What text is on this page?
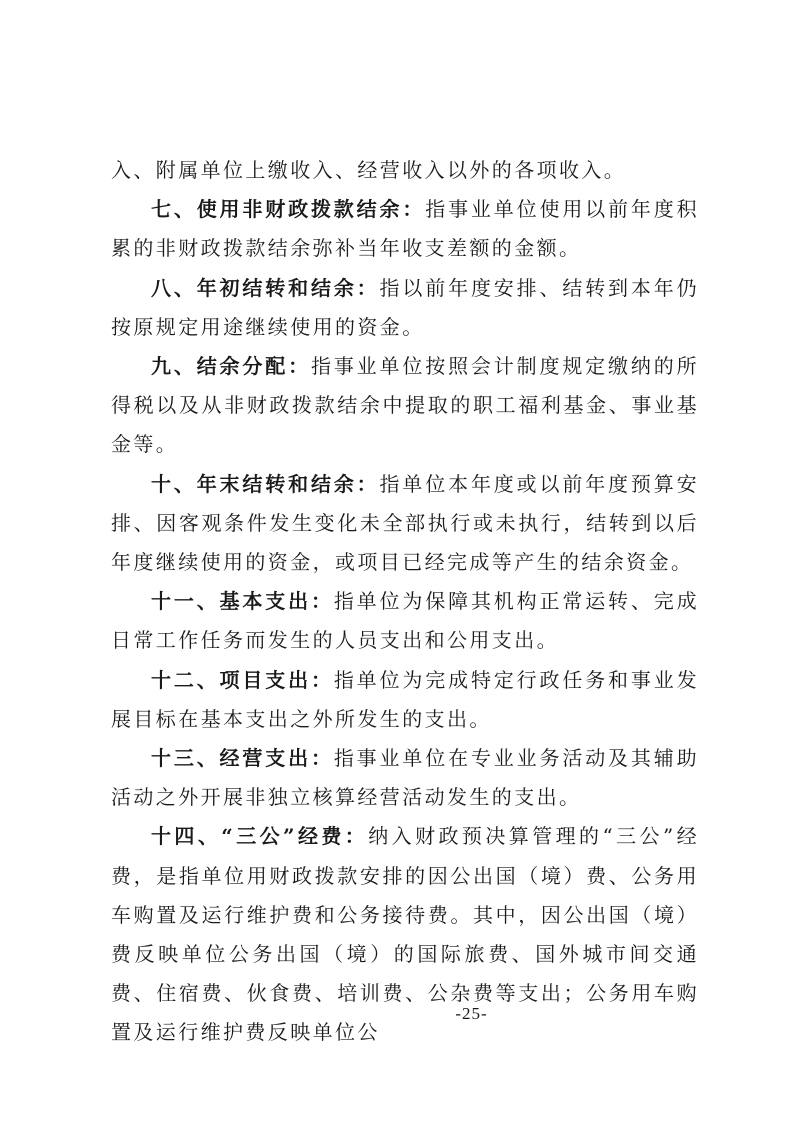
入、附属单位上缴收入、经营收入以外的各项收入。

七、使用非财政拨款结余：指事业单位使用以前年度积累的非财政拨款结余弥补当年收支差额的金额。

八、年初结转和结余：指以前年度安排、结转到本年仍按原规定用途继续使用的资金。

九、结余分配：指事业单位按照会计制度规定缴纳的所得税以及从非财政拨款结余中提取的职工福利基金、事业基金等。

十、年末结转和结余：指单位本年度或以前年度预算安排、因客观条件发生变化未全部执行或未执行，结转到以后年度继续使用的资金，或项目已经完成等产生的结余资金。

十一、基本支出：指单位为保障其机构正常运转、完成日常工作任务而发生的人员支出和公用支出。

十二、项目支出：指单位为完成特定行政任务和事业发展目标在基本支出之外所发生的支出。

十三、经营支出：指事业单位在专业业务活动及其辅助活动之外开展非独立核算经营活动发生的支出。

十四、“三公”经费：纳入财政预决算管理的“三公”经费，是指单位用财政拨款安排的因公出国（境）费、公务用车购置及运行维护费和公务接待费。其中，因公出国（境）费反映单位公务出国（境）的国际旅费、国外城市间交通费、住宿费、伙食费、培训费、公杂费等支出；公务用车购置及运行维护费反映单位公

-25-
